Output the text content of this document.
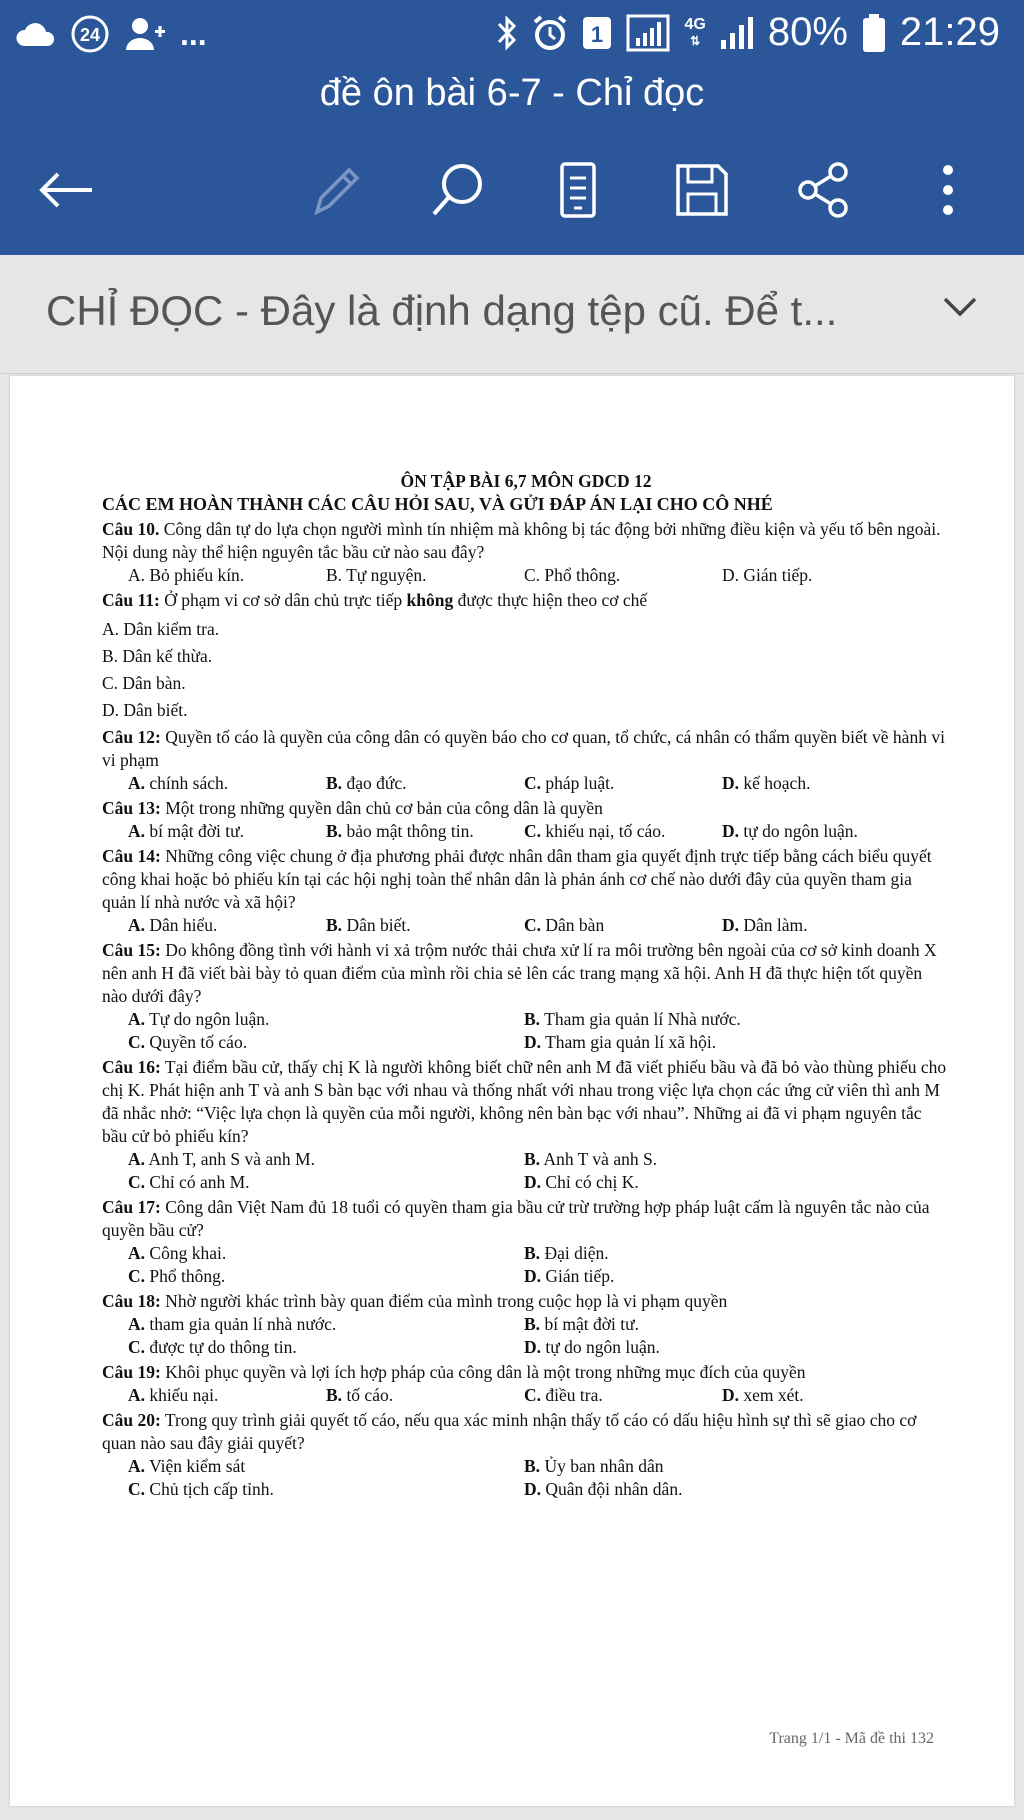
24 ...	1	4G
⇅ 80% 21:29
đề ôn bài 6-7 - Chỉ đọc
CHỈ ĐỌC - Đây là định dạng tệp cũ. Để t...
ÔN TẬP BÀI 6,7 MÔN GDCD 12
CÁC EM HOÀN THÀNH CÁC CÂU HỎI SAU, VÀ GỬI ĐÁP ÁN LẠI CHO CÔ NHÉ
Câu 10. Công dân tự do lựa chọn người mình tín nhiệm mà không bị tác động bởi những điều kiện và yếu tố bên ngoài. Nội dung này thể hiện nguyên tắc bầu cử nào sau đây?
A. Bỏ phiếu kín.	B. Tự nguyện.	C. Phổ thông.	D. Gián tiếp.
Câu 11: Ở phạm vi cơ sở dân chủ trực tiếp không được thực hiện theo cơ chế
A. Dân kiểm tra.
B. Dân kế thừa.
C. Dân bàn.
D. Dân biết.
Câu 12: Quyền tố cáo là quyền của công dân có quyền báo cho cơ quan, tổ chức, cá nhân có thẩm quyền biết về hành vi vi phạm
A. chính sách.	B. đạo đức.	C. pháp luật.	D. kế hoạch.
Câu 13: Một trong những quyền dân chủ cơ bản của công dân là quyền
A. bí mật đời tư.	B. bảo mật thông tin.	C. khiếu nại, tố cáo.	D. tự do ngôn luận.
Câu 14: Những công việc chung ở địa phương phải được nhân dân tham gia quyết định trực tiếp bằng cách biểu quyết công khai hoặc bỏ phiếu kín tại các hội nghị toàn thể nhân dân là phản ánh cơ chế nào dưới đây của quyền tham gia quản lí nhà nước và xã hội?
A. Dân hiểu.	B. Dân biết.	C. Dân bàn	D. Dân làm.
Câu 15: Do không đồng tình với hành vi xả trộm nước thải chưa xử lí ra môi trường bên ngoài của cơ sở kinh doanh X nên anh H đã viết bài bày tỏ quan điểm của mình rồi chia sẻ lên các trang mạng xã hội. Anh H đã thực hiện tốt quyền nào dưới đây?
A. Tự do ngôn luận.	B. Tham gia quản lí Nhà nước.
C. Quyền tố cáo.	D. Tham gia quản lí xã hội.
Câu 16: Tại điểm bầu cử, thấy chị K là người không biết chữ nên anh M đã viết phiếu bầu và đã bỏ vào thùng phiếu cho chị K. Phát hiện anh T và anh S bàn bạc với nhau và thống nhất với nhau trong việc lựa chọn các ứng cử viên thì anh M đã nhắc nhở: “Việc lựa chọn là quyền của mỗi người, không nên bàn bạc với nhau”. Những ai đã vi phạm nguyên tắc bầu cử bỏ phiếu kín?
A. Anh T, anh S và anh M.	B. Anh T và anh S.
C. Chỉ có anh M.	D. Chỉ có chị K.
Câu 17: Công dân Việt Nam đủ 18 tuổi có quyền tham gia bầu cử trừ trường hợp pháp luật cấm là nguyên tắc nào của quyền bầu cử?
A. Công khai.	B. Đại diện.
C. Phổ thông.	D. Gián tiếp.
Câu 18: Nhờ người khác trình bày quan điểm của mình trong cuộc họp là vi phạm quyền
A. tham gia quản lí nhà nước.	B. bí mật đời tư.
C. được tự do thông tin.	D. tự do ngôn luận.
Câu 19: Khôi phục quyền và lợi ích hợp pháp của công dân là một trong những mục đích của quyền
A. khiếu nại.	B. tố cáo.	C. điều tra.	D. xem xét.
Câu 20: Trong quy trình giải quyết tố cáo, nếu qua xác minh nhận thấy tố cáo có dấu hiệu hình sự thì sẽ giao cho cơ quan nào sau đây giải quyết?
A. Viện kiểm sát	B. Ủy ban nhân dân
C. Chủ tịch cấp tỉnh.	D. Quân đội nhân dân.
Trang 1/1 - Mã đề thi 132
